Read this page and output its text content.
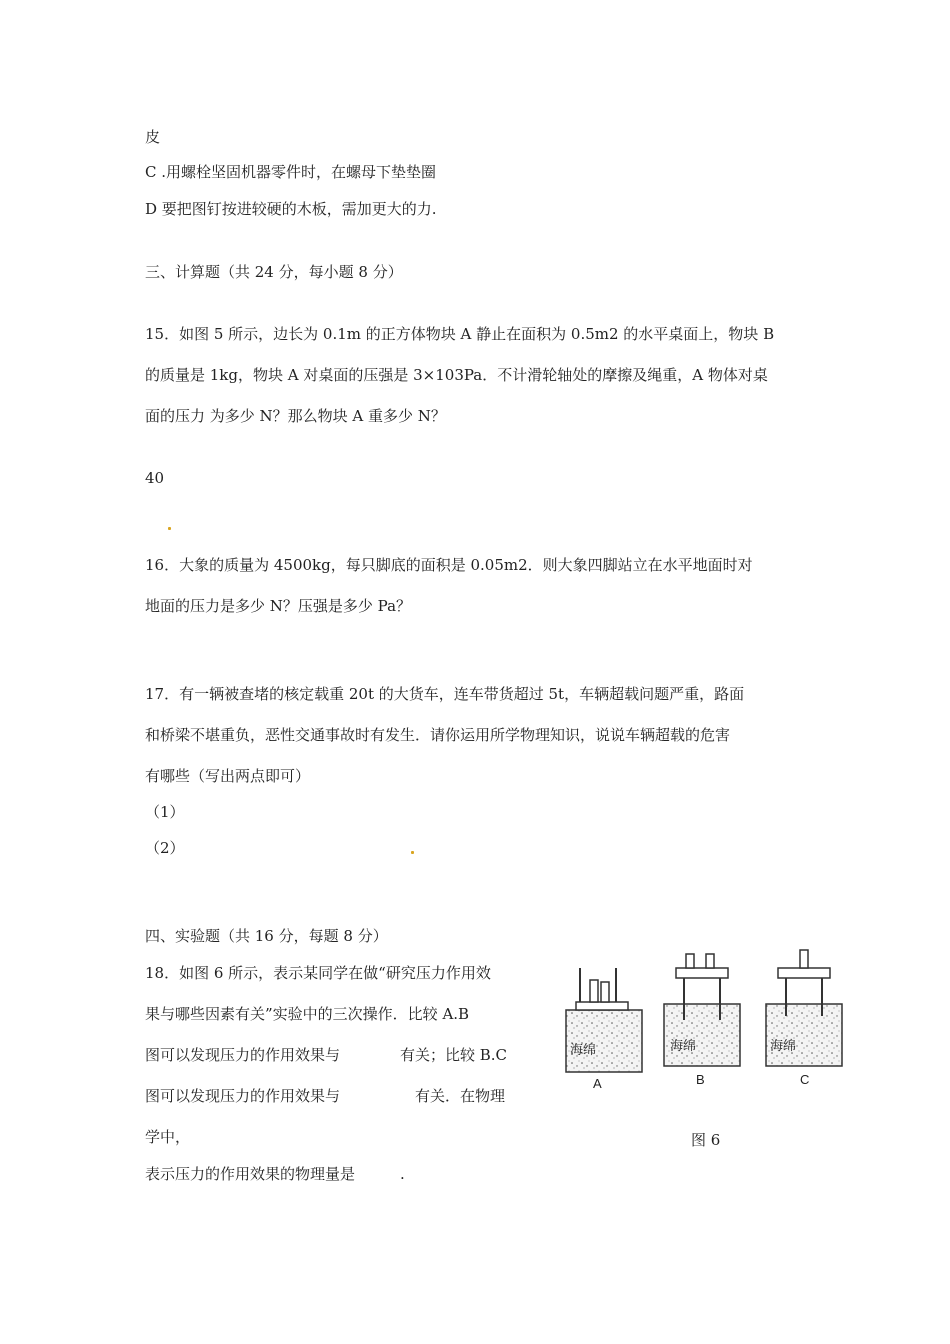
皮
C .用螺栓坚固机器零件时，在螺母下垫垫圈
D 要把图钉按进较硬的木板，需加更大的力.
三、计算题（共 24 分，每小题 8 分）
15．如图 5 所示，边长为 0.1m 的正方体物块 A 静止在面积为 0.5m2 的水平桌面上，物块 B
的质量是 1kg，物块 A 对桌面的压强是 3×103Pa．不计滑轮轴处的摩擦及绳重，A 物体对桌
面的压力 为多少 N？那么物块 A 重多少 N？
40
16．大象的质量为 4500kg，每只脚底的面积是 0.05m2．则大象四脚站立在水平地面时对
地面的压力是多少 N？压强是多少 Pa？
17．有一辆被查堵的核定载重 20t 的大货车，连车带货超过 5t，车辆超载问题严重，路面
和桥梁不堪重负，恶性交通事故时有发生．请你运用所学物理知识，说说车辆超载的危害
有哪些（写出两点即可）
（1）
（2）
四、实验题（共 16 分，每题 8 分）
18．如图 6 所示，表示某同学在做“研究压力作用效
果与哪些因素有关”实验中的三次操作．比较 A.B
图可以发现压力的作用效果与　　　　有关；比较 B.C
图可以发现压力的作用效果与　　　　　有关．在物理
学中，
表示压力的作用效果的物理量是　　　.
海绵
A
海绵
B
海绵
C
图 6
